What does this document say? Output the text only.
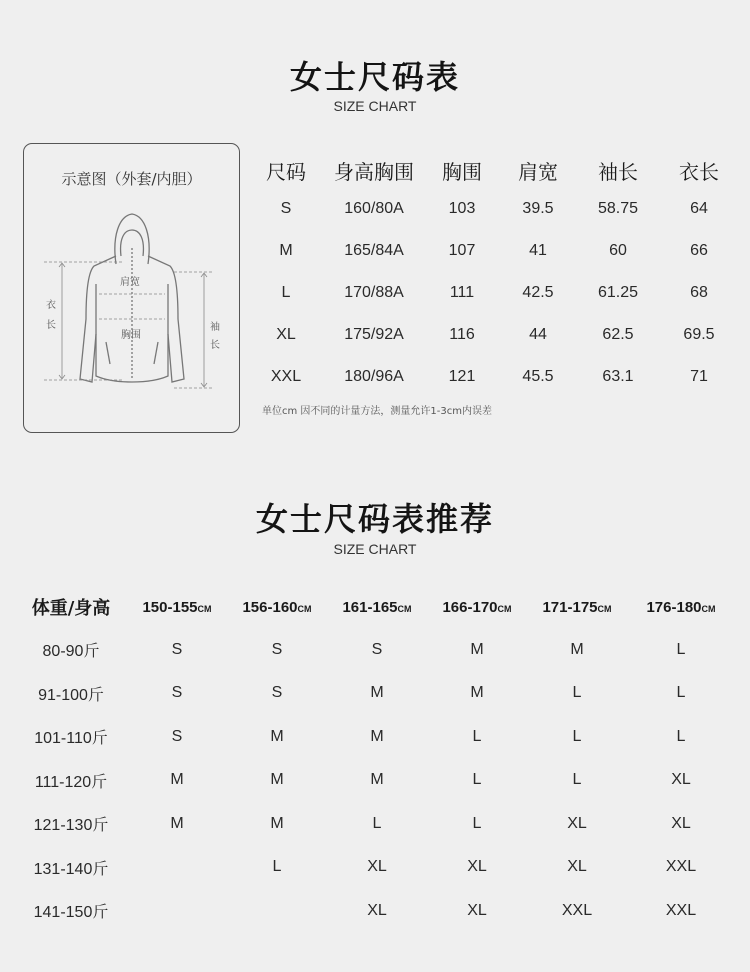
女士尺码表
SIZE CHART
示意图（外套/内胆）
衣
长	袖
长
肩宽
胸围
尺码	身高胸围	胸围	肩宽	袖长	衣长
S	160/80A	103	39.5	58.75	64
M	165/84A	107	41	60	66
L	170/88A	111	42.5	61.25	68
XL	175/92A	116	44	62.5	69.5
XXL	180/96A	121	45.5	63.1	71
单位cm 因不同的计量方法，测量允许1-3cm内误差
女士尺码表推荐
SIZE CHART
体重/身高	150-155CM	156-160CM	161-165CM	166-170CM	171-175CM	176-180CM
80-90斤	S	S	S	M	M	L
91-100斤	S	S	M	M	L	L
101-110斤	S	M	M	L	L	L
111-120斤	M	M	M	L	L	XL
121-130斤	M	M	L	L	XL	XL
131-140斤		L	XL	XL	XL	XXL
141-150斤			XL	XL	XXL	XXL
